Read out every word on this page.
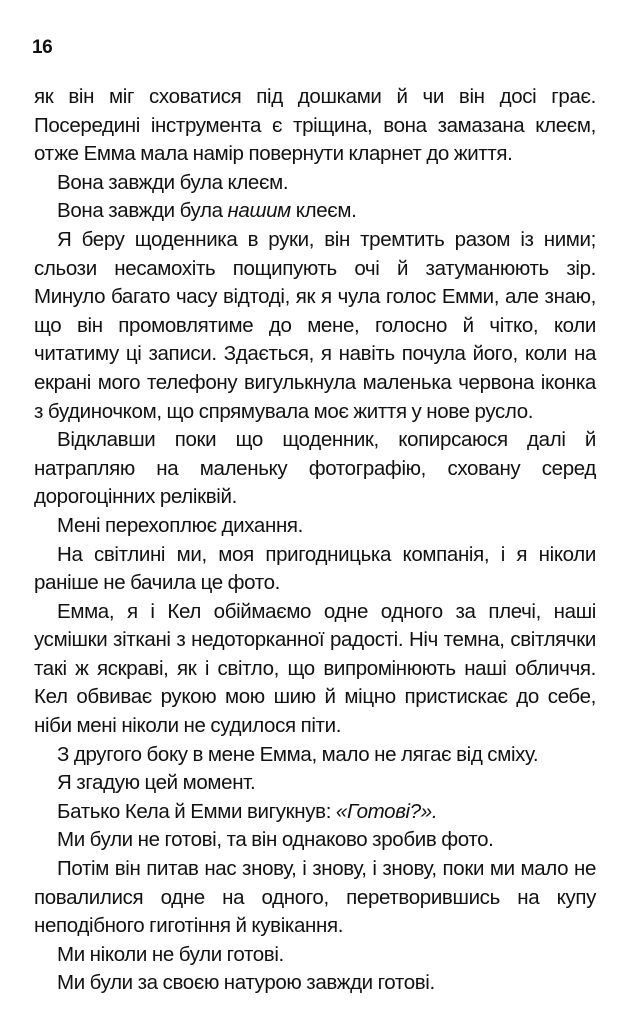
16

як він міг сховатися під дошками й чи він досі грає. Посередині інструмента є тріщина, вона замазана клеєм, отже Емма мала намір повернути кларнет до життя.

Вона завжди була клеєм.

Вона завжди була нашим клеєм.

Я беру щоденника в руки, він тремтить разом із ними; сльози несамохіть пощипують очі й затуманюють зір. Минуло багато часу відтоді, як я чула голос Емми, але знаю, що він промовлятиме до мене, голосно й чітко, коли читатиму ці записи. Здається, я навіть почула його, коли на екрані мого телефону вигулькнула маленька червона іконка з будиночком, що спрямувала моє життя у нове русло.

Відклавши поки що щоденник, копирсаюся далі й натрапляю на маленьку фотографію, сховану серед дорогоцінних реліквій.

Мені перехоплює дихання.

На світлині ми, моя пригодницька компанія, і я ніколи раніше не бачила це фото.

Емма, я і Кел обіймаємо одне одного за плечі, наші усмішки зіткані з недоторканної радості. Ніч темна, світлячки такі ж яскраві, як і світло, що випромінюють наші обличчя. Кел обвиває рукою мою шию й міцно пристискає до себе, ніби мені ніколи не судилося піти.

З другого боку в мене Емма, мало не лягає від сміху.

Я згадую цей момент.

Батько Кела й Емми вигукнув: «Готові?».

Ми були не готові, та він однаково зробив фото.

Потім він питав нас знову, і знову, і знову, поки ми мало не повалилися одне на одного, перетворившись на купу неподібного гиготіння й кувікання.

Ми ніколи не були готові.

Ми були за своєю натурою завжди готові.
